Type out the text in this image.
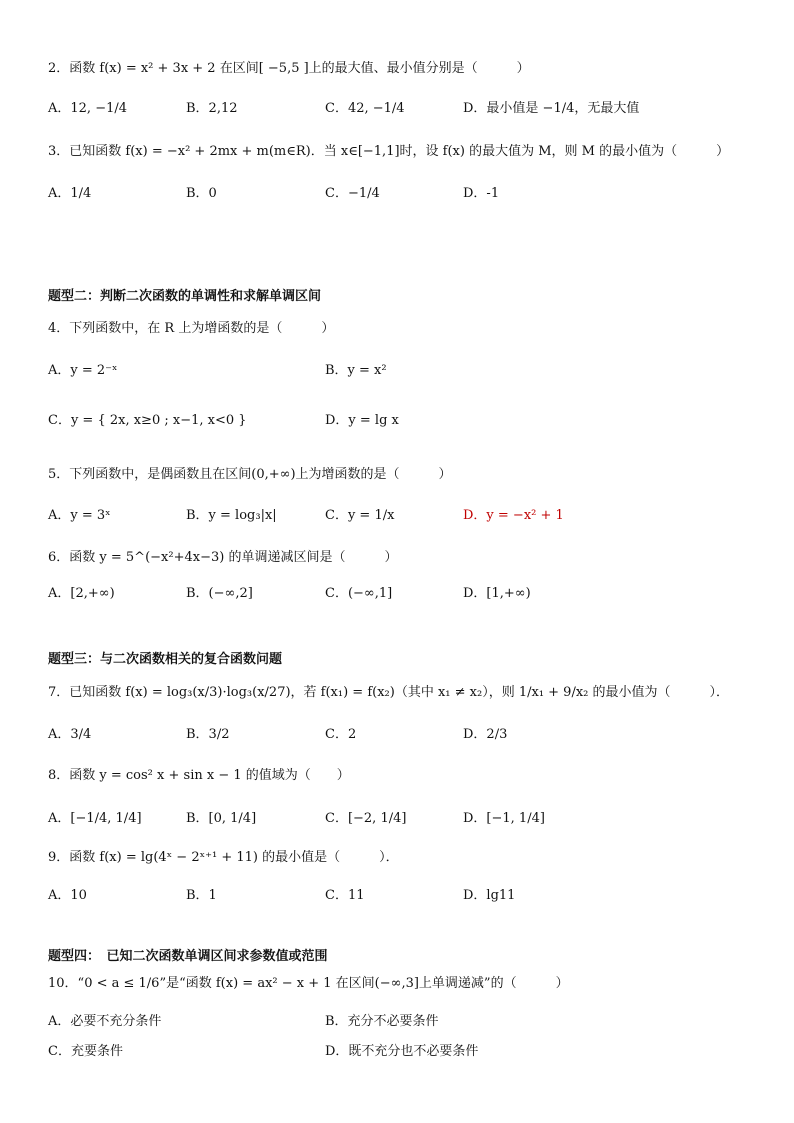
2．函数 f(x) = x² + 3x + 2 在区间[ −5,5 ]上的最大值、最小值分别是（　　　）
A．12, −1/4	B．2,12	C．42, −1/4	D．最小值是 −1/4，无最大值
3．已知函数 f(x) = −x² + 2mx + m(m∈R)．当 x∈[−1,1]时，设 f(x) 的最大值为 M，则 M 的最小值为（　　　）
A．1/4	B．0	C．−1/4	D．-1
题型二：判断二次函数的单调性和求解单调区间
4．下列函数中，在 R 上为增函数的是（　　　）
A．y = 2⁻ˣ	B．y = x²
C．y = { 2x, x≥0 ; x−1, x<0 }	D．y = lg x
5．下列函数中，是偶函数且在区间(0,+∞)上为增函数的是（　　　）
A．y = 3ˣ	B．y = log₃|x|	C．y = 1/x	D．y = −x² + 1
6．函数 y = 5^(−x²+4x−3) 的单调递减区间是（　　　）
A．[2,+∞)	B．(−∞,2]	C．(−∞,1]	D．[1,+∞)
题型三：与二次函数相关的复合函数问题
7．已知函数 f(x) = log₃(x/3)·log₃(x/27)，若 f(x₁) = f(x₂)（其中 x₁ ≠ x₂），则 1/x₁ + 9/x₂ 的最小值为（　　　）．
A．3/4	B．3/2	C．2	D．2/3
8．函数 y = cos² x + sin x − 1 的值域为（　　）
A．[−1/4, 1/4]	B．[0, 1/4]	C．[−2, 1/4]	D．[−1, 1/4]
9．函数 f(x) = lg(4ˣ − 2ˣ⁺¹ + 11) 的最小值是（　　　）．
A．10	B．1	C．11	D．lg11
题型四：　已知二次函数单调区间求参数值或范围
10．“0 < a ≤ 1/6”是“函数 f(x) = ax² − x + 1 在区间(−∞,3]上单调递减”的（　　　）
A．必要不充分条件	B．充分不必要条件
C．充要条件	D．既不充分也不必要条件
